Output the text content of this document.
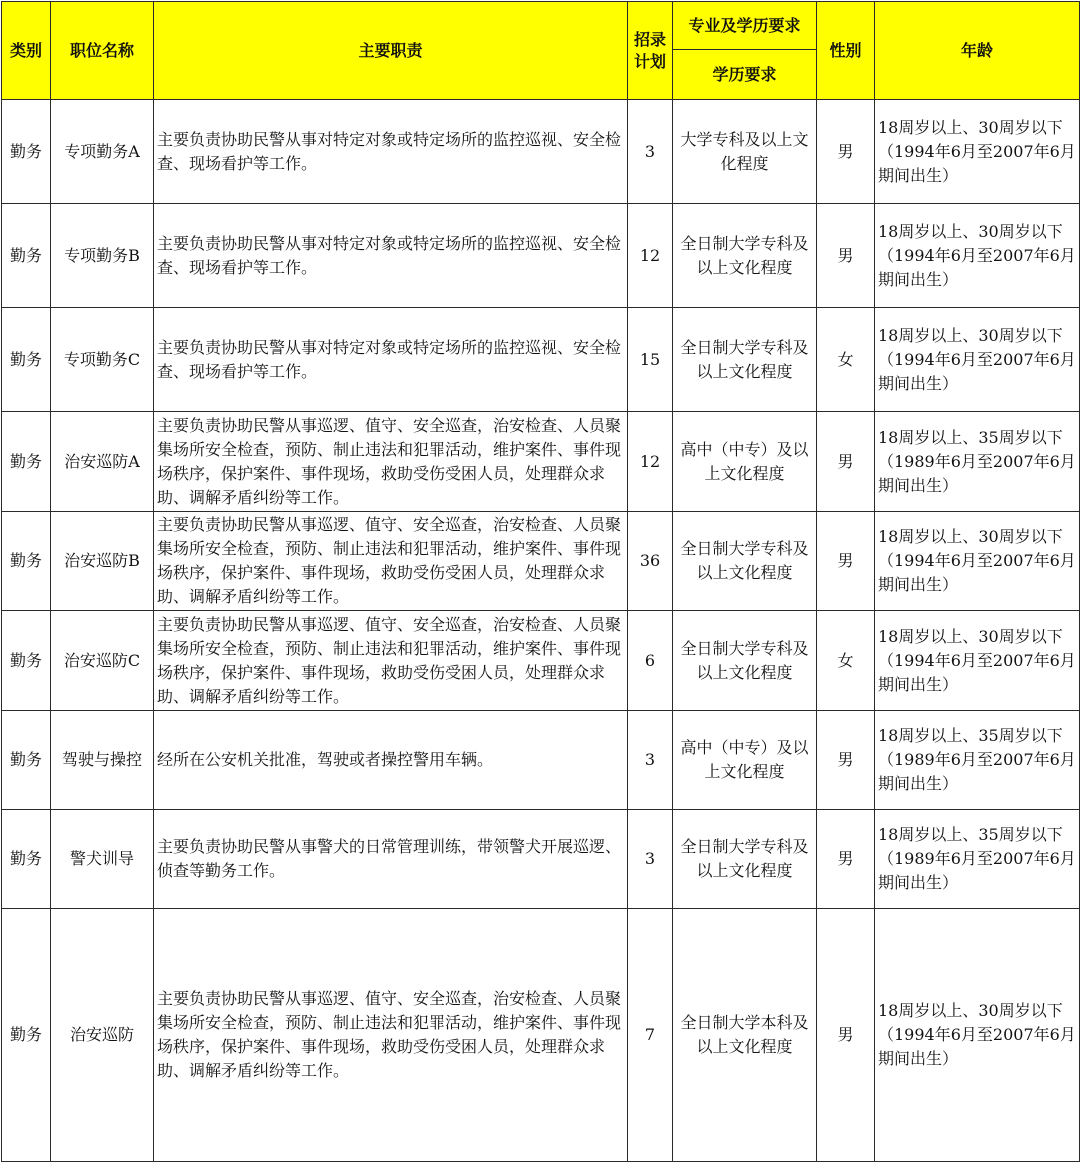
类别	职位名称	主要职责	招录计划	专业及学历要求	性别	年龄
				学历要求		
勤务	专项勤务A	主要负责协助民警从事对特定对象或特定场所的监控巡视、安全检查、现场看护等工作。	3	大学专科及以上文化程度	男	18周岁以上、30周岁以下（1994年6月至2007年6月期间出生）
勤务	专项勤务B	主要负责协助民警从事对特定对象或特定场所的监控巡视、安全检查、现场看护等工作。	12	全日制大学专科及以上文化程度	男	18周岁以上、30周岁以下（1994年6月至2007年6月期间出生）
勤务	专项勤务C	主要负责协助民警从事对特定对象或特定场所的监控巡视、安全检查、现场看护等工作。	15	全日制大学专科及以上文化程度	女	18周岁以上、30周岁以下（1994年6月至2007年6月期间出生）
勤务	治安巡防A	主要负责协助民警从事巡逻、值守、安全巡查，治安检查、人员聚集场所安全检查，预防、制止违法和犯罪活动，维护案件、事件现场秩序，保护案件、事件现场，救助受伤受困人员，处理群众求助、调解矛盾纠纷等工作。	12	高中（中专）及以上文化程度	男	18周岁以上、35周岁以下（1989年6月至2007年6月期间出生）
勤务	治安巡防B	主要负责协助民警从事巡逻、值守、安全巡查，治安检查、人员聚集场所安全检查，预防、制止违法和犯罪活动，维护案件、事件现场秩序，保护案件、事件现场，救助受伤受困人员，处理群众求助、调解矛盾纠纷等工作。	36	全日制大学专科及以上文化程度	男	18周岁以上、30周岁以下（1994年6月至2007年6月期间出生）
勤务	治安巡防C	主要负责协助民警从事巡逻、值守、安全巡查，治安检查、人员聚集场所安全检查，预防、制止违法和犯罪活动，维护案件、事件现场秩序，保护案件、事件现场，救助受伤受困人员，处理群众求助、调解矛盾纠纷等工作。	6	全日制大学专科及以上文化程度	女	18周岁以上、30周岁以下（1994年6月至2007年6月期间出生）
勤务	驾驶与操控	经所在公安机关批准，驾驶或者操控警用车辆。	3	高中（中专）及以上文化程度	男	18周岁以上、35周岁以下（1989年6月至2007年6月期间出生）
勤务	警犬训导	主要负责协助民警从事警犬的日常管理训练，带领警犬开展巡逻、侦查等勤务工作。	3	全日制大学专科及以上文化程度	男	18周岁以上、35周岁以下（1989年6月至2007年6月期间出生）
勤务	治安巡防	主要负责协助民警从事巡逻、值守、安全巡查，治安检查、人员聚集场所安全检查，预防、制止违法和犯罪活动，维护案件、事件现场秩序，保护案件、事件现场，救助受伤受困人员，处理群众求助、调解矛盾纠纷等工作。	7	全日制大学本科及以上文化程度	男	18周岁以上、30周岁以下（1994年6月至2007年6月期间出生）
